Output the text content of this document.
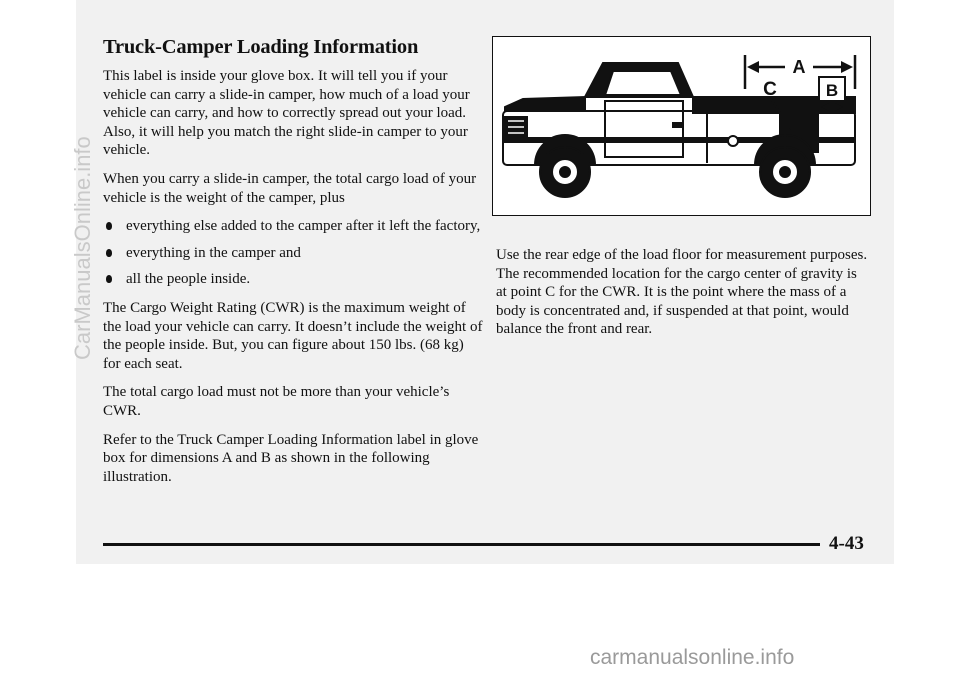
Truck-Camper Loading Information

This label is inside your glove box. It will tell you if your vehicle can carry a slide-in camper, how much of a load your vehicle can carry, and how to correctly spread out your load. Also, it will help you match the right slide-in camper to your vehicle.

When you carry a slide-in camper, the total cargo load of your vehicle is the weight of the camper, plus

everything else added to the camper after it left the factory,
everything in the camper and
all the people inside.

The Cargo Weight Rating (CWR) is the maximum weight of the load your vehicle can carry. It doesn’t include the weight of the people inside. But, you can figure about 150 lbs. (68 kg) for each seat.

The total cargo load must not be more than your vehicle’s CWR.

Refer to the Truck Camper Loading Information label in glove box for dimensions A and B as shown in the following illustration.

A
C	B

Use the rear edge of the load floor for measurement purposes. The recommended location for the cargo center of gravity is at point C for the CWR. It is the point where the mass of a body is concentrated and, if suspended at that point, would balance the front and rear.

4-43
CarManualsOnline.info
carmanualsonline.info
